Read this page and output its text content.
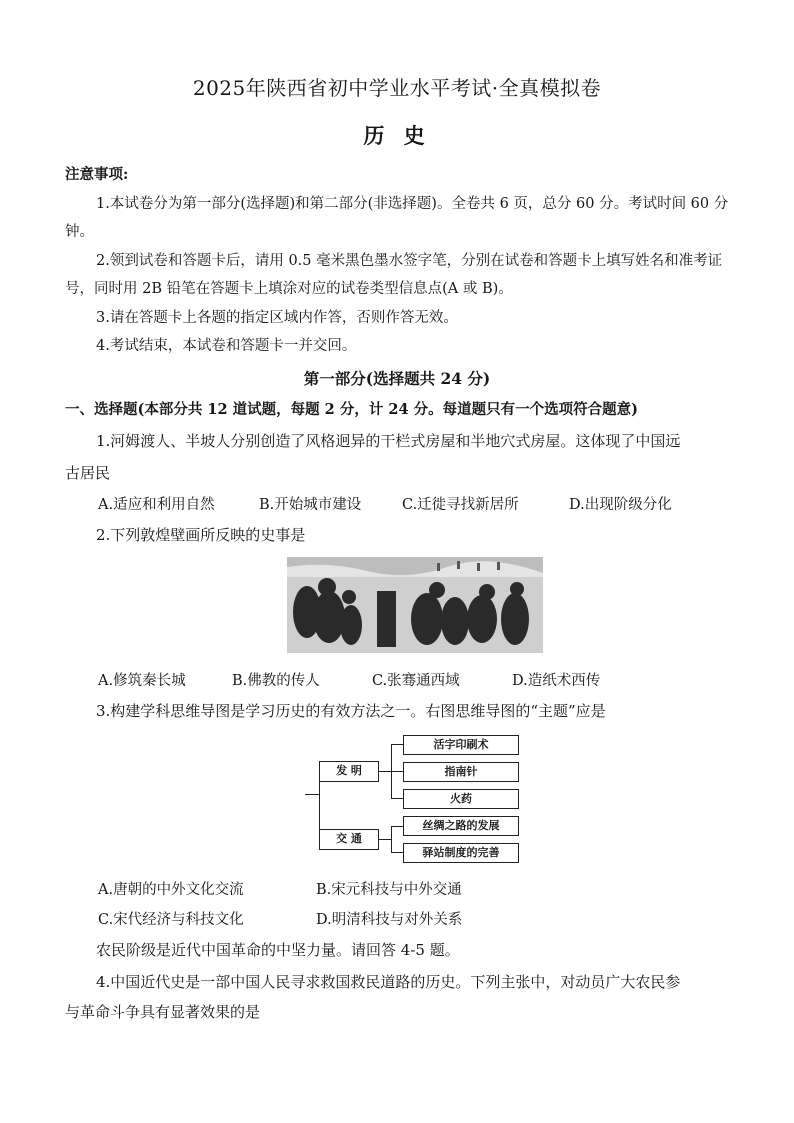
2025年陕西省初中学业水平考试·全真模拟卷
历 史
注意事项:
1.本试卷分为第一部分(选择题)和第二部分(非选择题)。全卷共 6 页，总分 60 分。考试时间 60 分
钟。
2.领到试卷和答题卡后，请用 0.5 毫米黑色墨水签字笔，分别在试卷和答题卡上填写姓名和准考证
号，同时用 2B 铅笔在答题卡上填涂对应的试卷类型信息点(A 或 B)。
3.请在答题卡上各题的指定区域内作答，否则作答无效。
4.考试结束，本试卷和答题卡一并交回。
第一部分(选择题共 24 分)
一、选择题(本部分共 12 道试题，每题 2 分，计 24 分。每道题只有一个选项符合题意)
1.河姆渡人、半坡人分别创造了风格迥异的干栏式房屋和半地穴式房屋。这体现了中国远
古居民
A.适应和利用自然	B.开始城市建设	C.迁徙寻找新居所	D.出现阶级分化
2.下列敦煌壁画所反映的史事是
A.修筑秦长城	B.佛教的传人	C.张骞通西域	D.造纸术西传
3.构建学科思维导图是学习历史的有效方法之一。右图思维导图的“主题”应是
发 明
交 通
活字印刷术
指南针
火药
丝绸之路的发展
驿站制度的完善
A.唐朝的中外文化交流	B.宋元科技与中外交通
C.宋代经济与科技文化	D.明清科技与对外关系
农民阶级是近代中国革命的中坚力量。请回答 4-5 题。
4.中国近代史是一部中国人民寻求救国救民道路的历史。下列主张中，对动员广大农民参
与革命斗争具有显著效果的是
